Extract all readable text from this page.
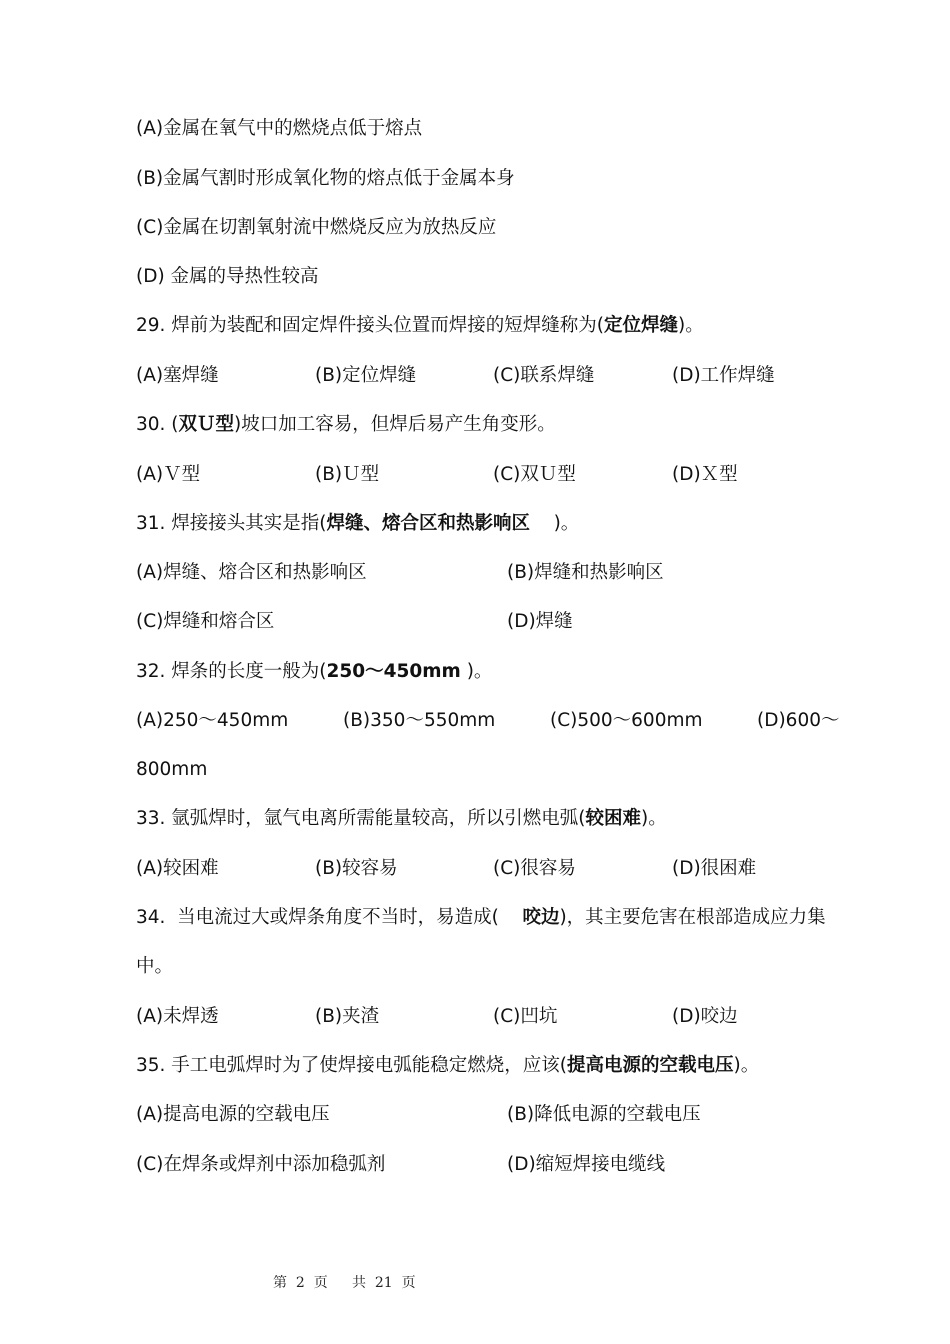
(A)金属在氧气中的燃烧点低于熔点
(B)金属气割时形成氧化物的熔点低于金属本身
(C)金属在切割氧射流中燃烧反应为放热反应
(D) 金属的导热性较高
29. 焊前为装配和固定焊件接头位置而焊接的短焊缝称为(定位焊缝)。
(A)塞焊缝	(B)定位焊缝	(C)联系焊缝	(D)工作焊缝
30. (双Ｕ型)坡口加工容易，但焊后易产生角变形。
(A)Ｖ型	(B)Ｕ型	(C)双Ｕ型	(D)Ｘ型
31. 焊接接头其实是指(焊缝、熔合区和热影响区    )。
(A)焊缝、熔合区和热影响区	(B)焊缝和热影响区
(C)焊缝和熔合区	(D)焊缝
32. 焊条的长度一般为(250～450mm )。
(A)250～450mm	(B)350～550mm	(C)500～600mm	(D)600～
800mm
33. 氩弧焊时，氩气电离所需能量较高，所以引燃电弧(较困难)。
(A)较困难	(B)较容易	(C)很容易	(D)很困难
34.  当电流过大或焊条角度不当时，易造成(    咬边)，其主要危害在根部造成应力集
中。
(A)未焊透	(B)夹渣	(C)凹坑	(D)咬边
35. 手工电弧焊时为了使焊接电弧能稳定燃烧，应该(提高电源的空载电压)。
(A)提高电源的空载电压	(B)降低电源的空载电压
(C)在焊条或焊剂中添加稳弧剂	(D)缩短焊接电缆线
第  2  页 共  21  页
